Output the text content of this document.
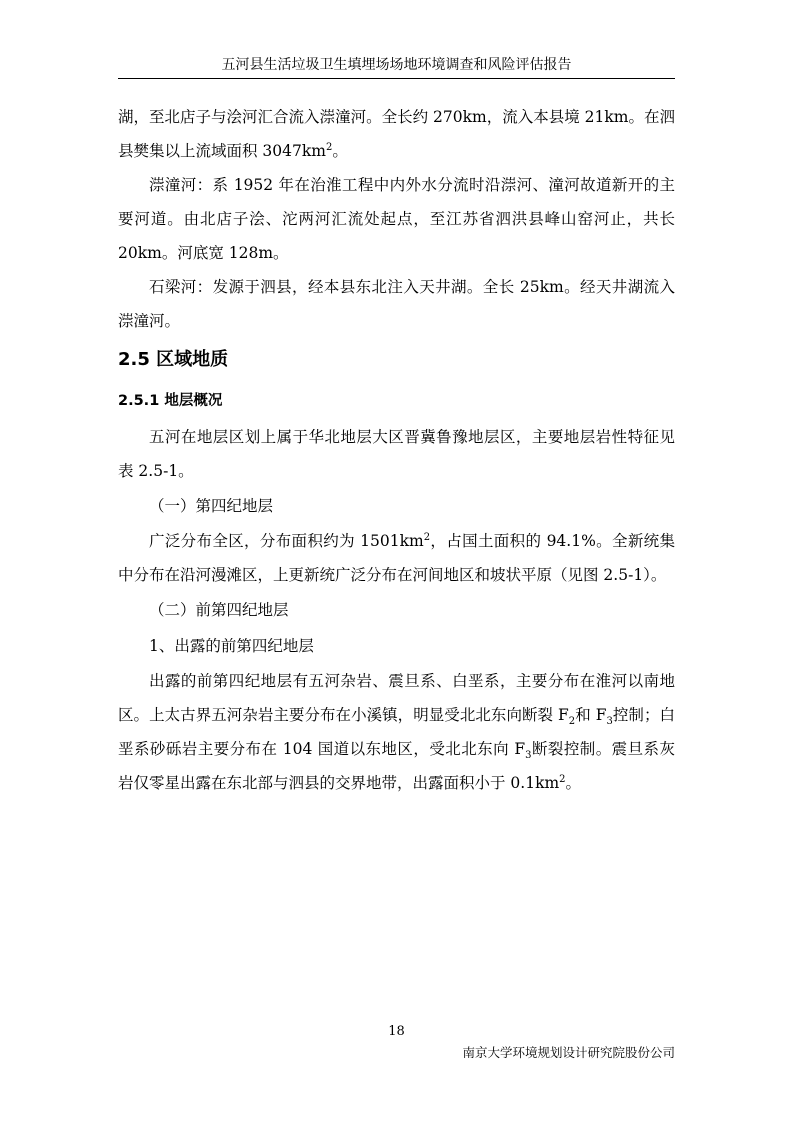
五河县生活垃圾卫生填埋场场地环境调查和风险评估报告

湖，至北店子与浍河汇合流入漴潼河。全长约 270km，流入本县境 21km。在泗县樊集以上流域面积 $3047km^2$。

漴潼河：系 1952 年在治淮工程中内外水分流时沿漴河、潼河故道新开的主要河道。由北店子浍、沱两河汇流处起点，至江苏省泗洪县峰山窑河止，共长 20km。河底宽 128m。

石梁河：发源于泗县，经本县东北注入天井湖。全长 25km。经天井湖流入漴潼河。

2.5 区域地质
2.5.1 地层概况

五河在地层区划上属于华北地层大区晋冀鲁豫地层区，主要地层岩性特征见表 2.5-1。

（一）第四纪地层

广泛分布全区，分布面积约为 $1501km^2$，占国土面积的 94.1%。全新统集中分布在沿河漫滩区，上更新统广泛分布在河间地区和坡状平原（见图 2.5-1）。

（二）前第四纪地层

1、出露的前第四纪地层

出露的前第四纪地层有五河杂岩、震旦系、白垩系，主要分布在淮河以南地区。上太古界五河杂岩主要分布在小溪镇，明显受北北东向断裂 $F_2$和 $F_3$控制；白垩系砂砾岩主要分布在 104 国道以东地区，受北北东向 $F_3$断裂控制。震旦系灰岩仅零星出露在东北部与泗县的交界地带，出露面积小于 $0.1km^2$。

18
南京大学环境规划设计研究院股份公司
